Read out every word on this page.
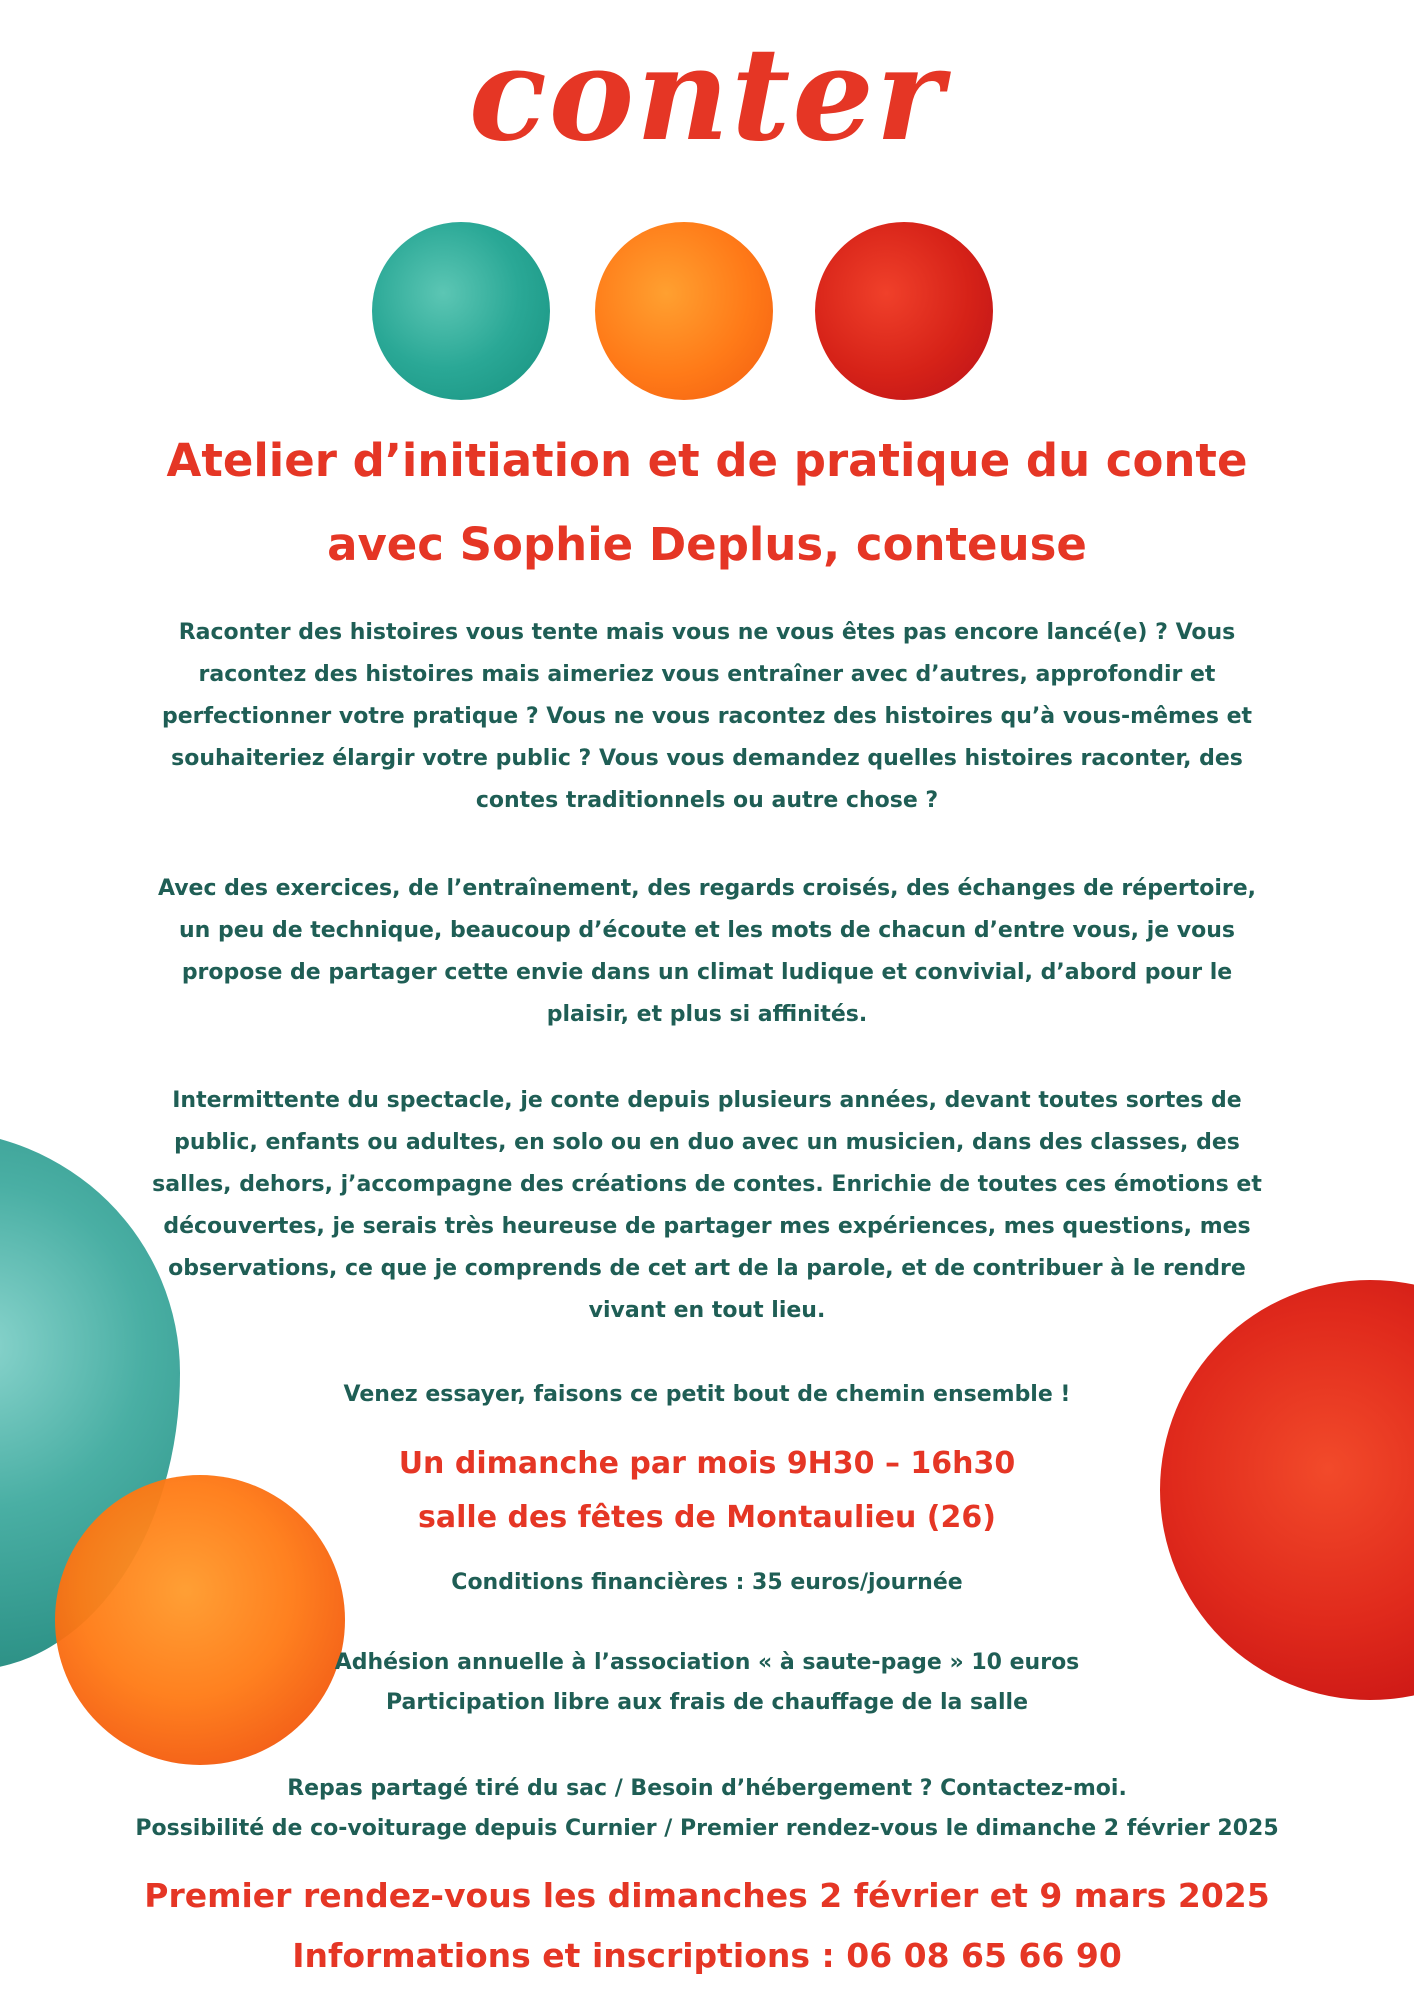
conter
Atelier d’initiation et de pratique du conte
avec Sophie Deplus, conteuse
Raconter des histoires vous tente mais vous ne vous êtes pas encore lancé(e) ? Vous racontez des histoires mais aimeriez vous entraîner avec d’autres, approfondir et perfectionner votre pratique ? Vous ne vous racontez des histoires qu’à vous-mêmes et souhaiteriez élargir votre public ? Vous vous demandez quelles histoires raconter, des contes traditionnels ou autre chose ?
Avec des exercices, de l’entraînement, des regards croisés, des échanges de répertoire, un peu de technique, beaucoup d’écoute et les mots de chacun d’entre vous, je vous propose de partager cette envie dans un climat ludique et convivial, d’abord pour le plaisir, et plus si affinités.
Intermittente du spectacle, je conte depuis plusieurs années, devant toutes sortes de public, enfants ou adultes, en solo ou en duo avec un musicien, dans des classes, des salles, dehors, j’accompagne des créations de contes. Enrichie de toutes ces émotions et découvertes, je serais très heureuse de partager mes expériences, mes questions, mes observations, ce que je comprends de cet art de la parole, et de contribuer à le rendre vivant en tout lieu.
Venez essayer, faisons ce petit bout de chemin ensemble !
Un dimanche par mois 9H30 – 16h30
salle des fêtes de Montaulieu (26)
Conditions financières : 35 euros/journée
Adhésion annuelle à l’association « à saute-page » 10 euros
Participation libre aux frais de chauffage de la salle
Repas partagé tiré du sac / Besoin d’hébergement ? Contactez-moi.
Possibilité de co-voiturage depuis Curnier / Premier rendez-vous le dimanche 2 février 2025
Premier rendez-vous les dimanches 2 février et 9 mars 2025
Informations et inscriptions : 06 08 65 66 90
